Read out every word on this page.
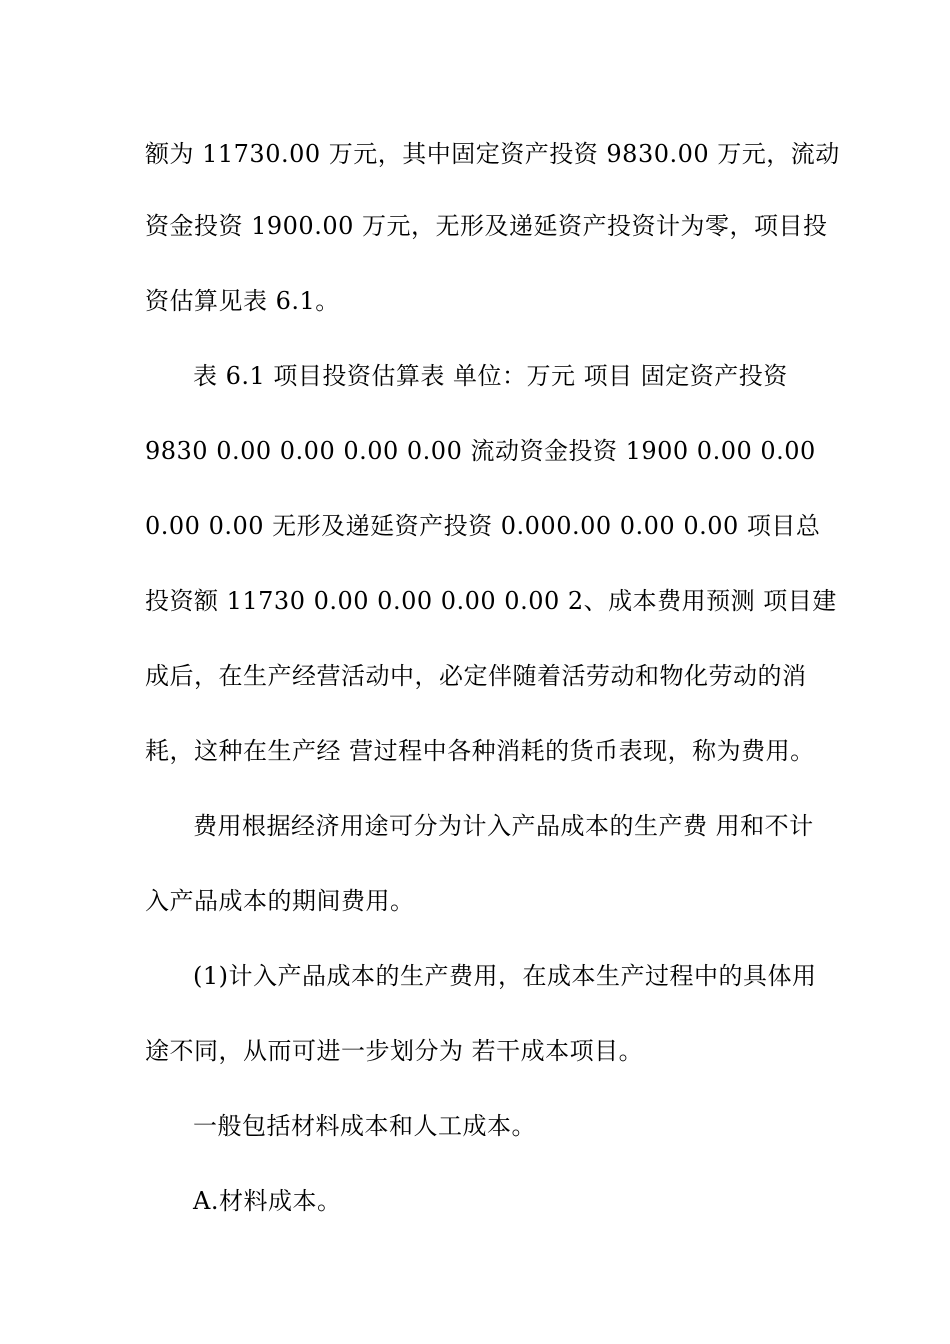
额为 11730.00 万元，其中固定资产投资 9830.00 万元，流动
资金投资 1900.00 万元，无形及递延资产投资计为零，项目投
资估算见表 6.1。
表 6.1 项目投资估算表 单位：万元 项目 固定资产投资
9830 0.00 0.00 0.00 0.00 流动资金投资 1900 0.00 0.00
0.00 0.00 无形及递延资产投资 0.000.00 0.00 0.00 项目总
投资额 11730 0.00 0.00 0.00 0.00 2、成本费用预测 项目建
成后，在生产经营活动中，必定伴随着活劳动和物化劳动的消
耗，这种在生产经 营过程中各种消耗的货币表现，称为费用。
费用根据经济用途可分为计入产品成本的生产费 用和不计
入产品成本的期间费用。
(1)计入产品成本的生产费用，在成本生产过程中的具体用
途不同，从而可进一步划分为 若干成本项目。
一般包括材料成本和人工成本。
A.材料成本。
